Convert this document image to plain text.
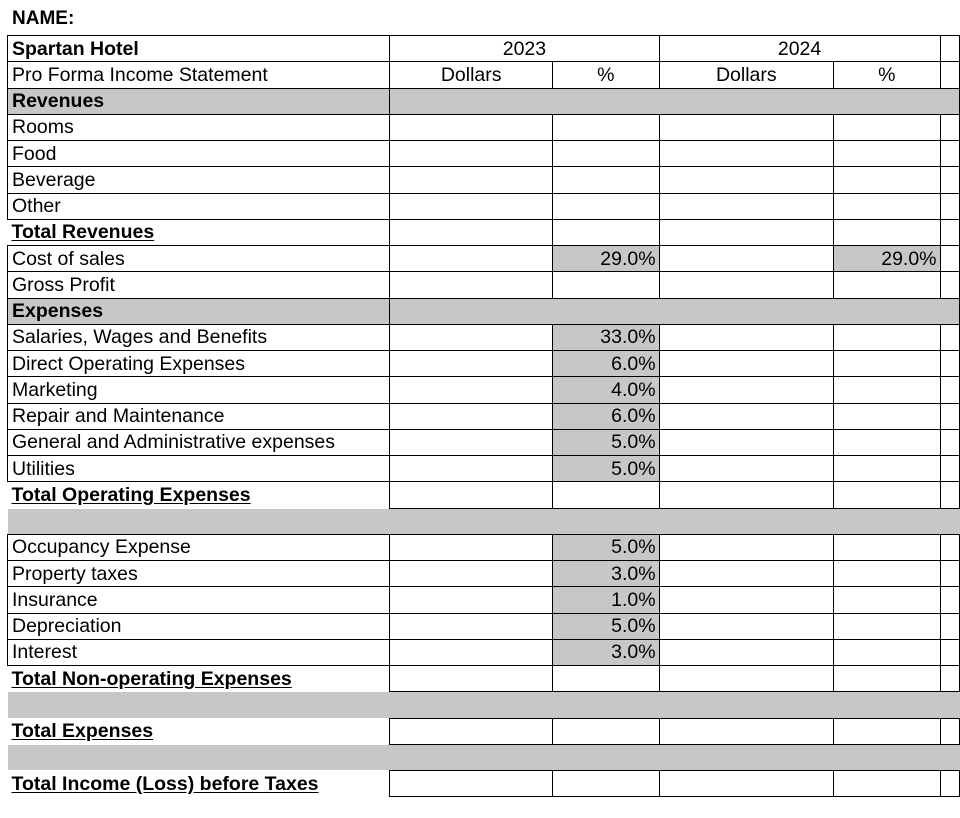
NAME:
Spartan Hotel	2023		2024		
Pro Forma Income Statement	Dollars	%	Dollars	%	
Revenues					
Rooms					
Food					
Beverage					
Other					
Total Revenues					
Cost of sales		29.0%		29.0%	
Gross Profit					
Expenses					
Salaries, Wages and Benefits		33.0%			
Direct Operating Expenses		6.0%			
Marketing		4.0%			
Repair and Maintenance		6.0%			
General and Administrative expenses		5.0%			
Utilities		5.0%			
Total Operating Expenses					

Occupancy Expense		5.0%			
Property taxes		3.0%			
Insurance		1.0%			
Depreciation		5.0%			
Interest		3.0%			
Total Non-operating Expenses					

Total Expenses					

Total Income (Loss) before Taxes					
